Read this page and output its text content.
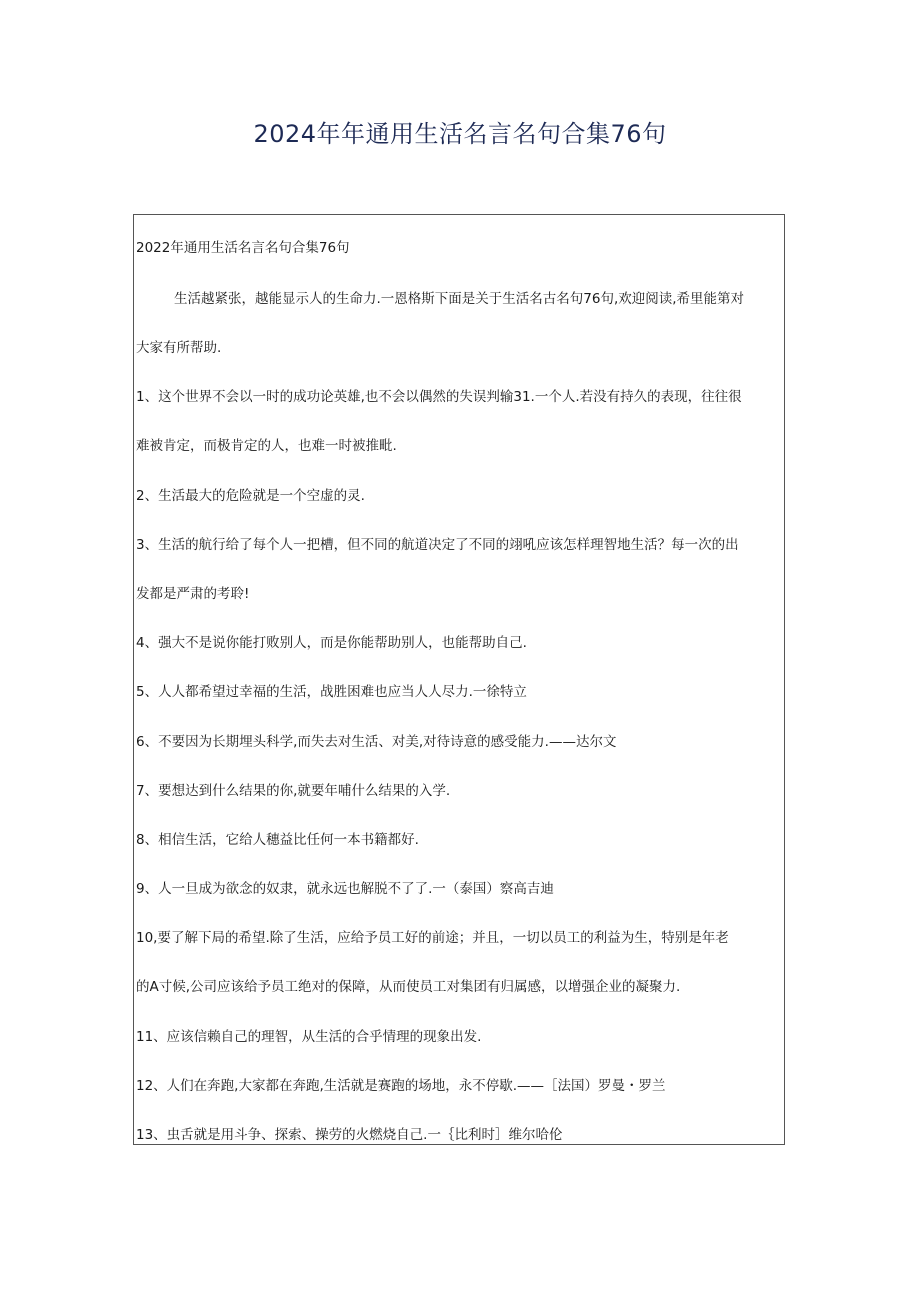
2024年年通用生活名言名句合集76句
2022年通用生活名言名句合集76句
生活越紧张，越能显示人的生命力.一恩格斯下面是关于生活名古名句76句,欢迎阅读,希里能第对
大家有所帮助.
1、这个世界不会以一时的成功论英雄,也不会以偶然的失误判输31.一个人.若没有持久的表现，往往很
难被肯定，而极肯定的人，也难一时被推毗.
2、生活最大的危险就是一个空虚的灵.
3、生活的航行给了每个人一把槽，但不同的航道决定了不同的翊吼应该怎样理智地生活？每一次的出
发都是严肃的考聆!
4、强大不是说你能打败别人，而是你能帮助别人，也能帮助自己.
5、人人都希望过幸福的生活，战胜困难也应当人人尽力.一徐特立
6、不要因为长期埋头科学,而失去对生活、对美,对待诗意的感受能力.——达尔文
7、要想达到什么结果的你,就要年哺什么结果的入学.
8、相信生活，它给人穗益比任何一本书籍都好.
9、人一旦成为欲念的奴隶，就永远也解脱不了了.一（泰国）察高吉迪
10,要了解下局的希望.除了生活，应给予员工好的前途；并且，一切以员工的利益为生，特别是年老
的A寸候,公司应该给予员工绝对的保障，从而使员工对集团有归属感，以增强企业的凝聚力.
11、应该信赖自己的理智，从生活的合乎情理的现象出发.
12、人们在奔跑,大家都在奔跑,生活就是赛跑的场地，永不停歇.——［法国）罗曼・罗兰
13、虫舌就是用斗争、探索、操劳的火燃烧自己.一｛比利时］维尔哈伦
